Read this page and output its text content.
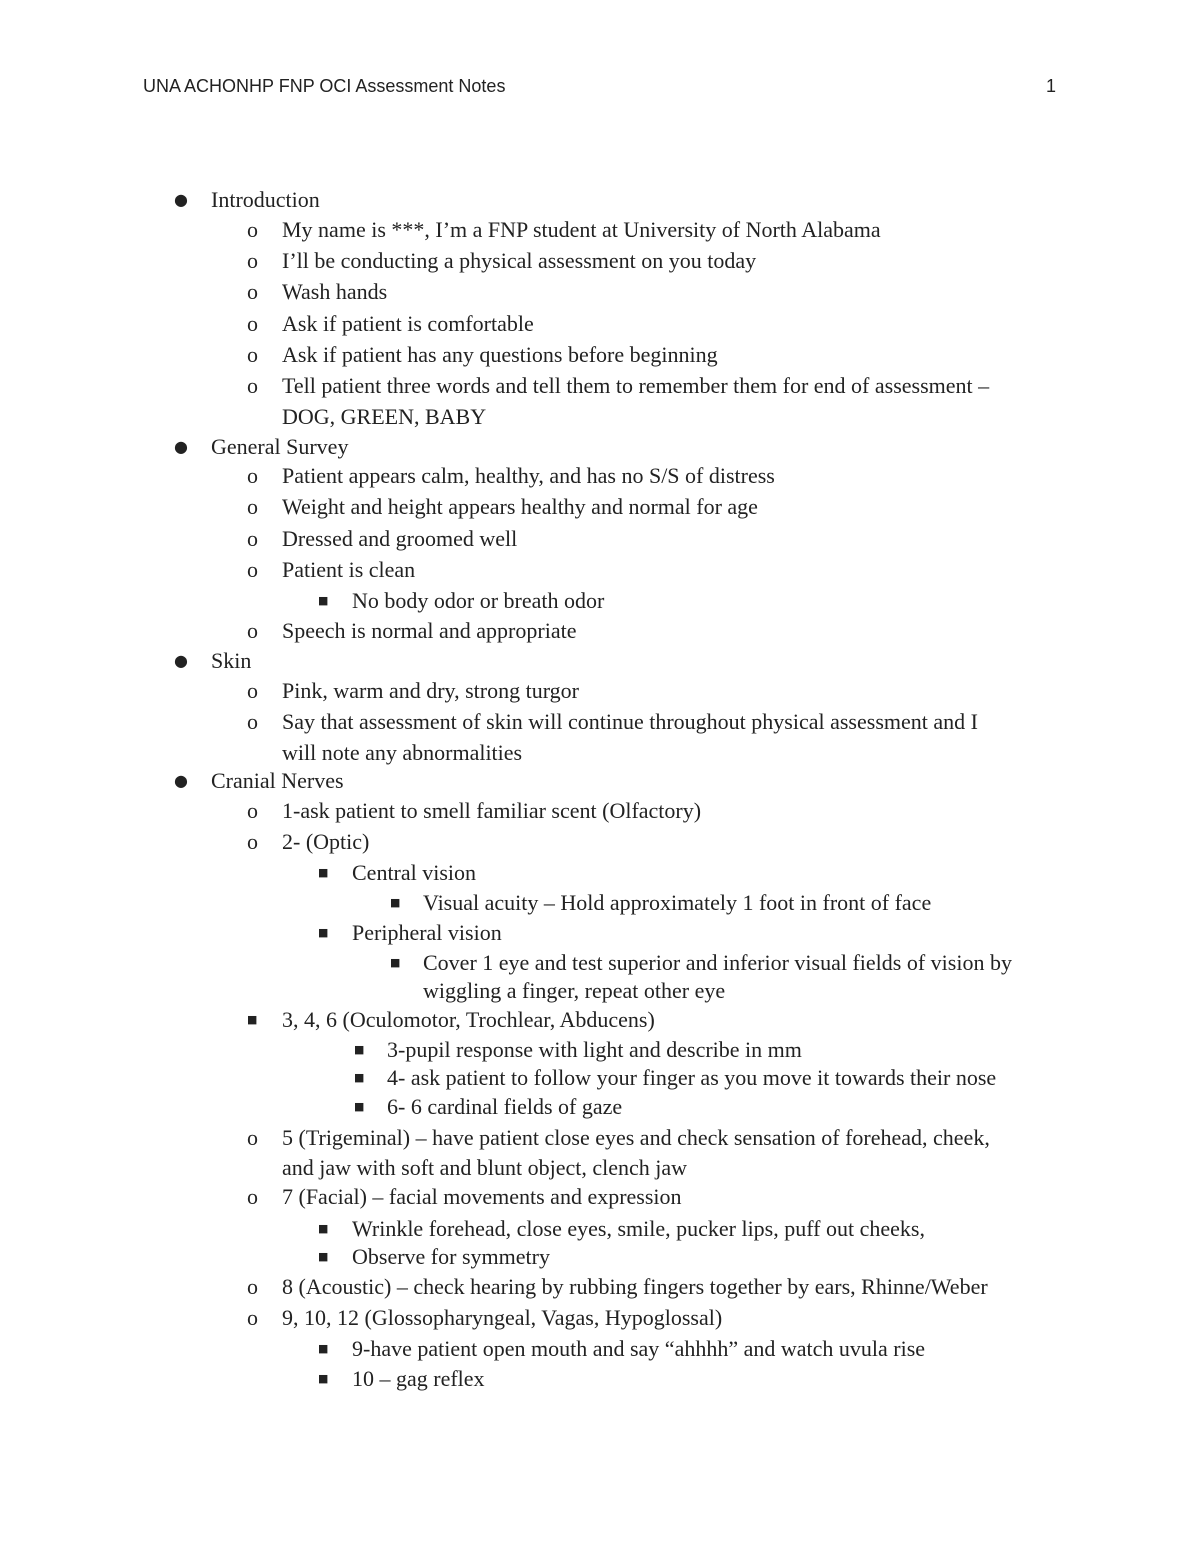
UNA ACHONHP FNP OCI Assessment Notes	1
● Introduction
o My name is ***, I’m a FNP student at University of North Alabama
o I’ll be conducting a physical assessment on you today
o Wash hands
o Ask if patient is comfortable
o Ask if patient has any questions before beginning
o Tell patient three words and tell them to remember them for end of assessment –
DOG, GREEN, BABY
● General Survey
o Patient appears calm, healthy, and has no S/S of distress
o Weight and height appears healthy and normal for age
o Dressed and groomed well
o Patient is clean
■ No body odor or breath odor
o Speech is normal and appropriate
● Skin
o Pink, warm and dry, strong turgor
o Say that assessment of skin will continue throughout physical assessment and I
will note any abnormalities
● Cranial Nerves
o 1-ask patient to smell familiar scent (Olfactory)
o 2- (Optic)
■ Central vision
■ Visual acuity – Hold approximately 1 foot in front of face
■ Peripheral vision
■ Cover 1 eye and test superior and inferior visual fields of vision by
wiggling a finger, repeat other eye
■ 3, 4, 6 (Oculomotor, Trochlear, Abducens)
■ 3-pupil response with light and describe in mm
■ 4- ask patient to follow your finger as you move it towards their nose
■ 6- 6 cardinal fields of gaze
o 5 (Trigeminal) – have patient close eyes and check sensation of forehead, cheek,
and jaw with soft and blunt object, clench jaw
o 7 (Facial) – facial movements and expression
■ Wrinkle forehead, close eyes, smile, pucker lips, puff out cheeks,
■ Observe for symmetry
o 8 (Acoustic) – check hearing by rubbing fingers together by ears, Rhinne/Weber
o 9, 10, 12 (Glossopharyngeal, Vagas, Hypoglossal)
■ 9-have patient open mouth and say “ahhhh” and watch uvula rise
■ 10 – gag reflex
